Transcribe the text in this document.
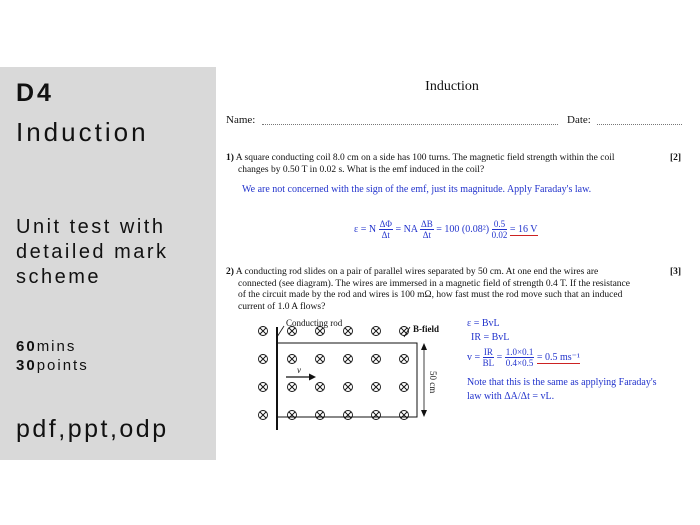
D4
Induction
Unit test with
detailed mark
scheme
60mins
30points
pdf,ppt,odp
Induction
Name:	Date:
1) A square conducting coil 8.0 cm on a side has 100 turns. The magnetic field strength within the coil
changes by 0.50 T in 0.02 s. What is the emf induced in the coil?
[2]
We are not concerned with the sign of the emf, just its magnitude. Apply Faraday's law.
ε = N $\frac{\Delta\Phi}{\Delta t}$ = NA $\frac{\Delta B}{\Delta t} = 100$ $(0.08^2) \frac{0.5}{0.02} = 16$ V
2) A conducting rod slides on a pair of parallel wires separated by 50 cm. At one end the wires are
connected (see diagram). The wires are immersed in a magnetic field of strength 0.4 T. If the resistance
of the circuit made by the rod and wires is 100 mΩ, how fast must the rod move such that an induced
current of 1.0 A flows?
[3]
Conducting rod
B-field
v
50 cm
ε = BvL
IR = BvL
$v = \frac{IR}{BL} = \frac{1.0\times 0.1}{0.4\times 0.5} = 0.5$ ms⁻¹
Note that this is the same as applying Faraday's
law with ΔA/Δt = vL.
